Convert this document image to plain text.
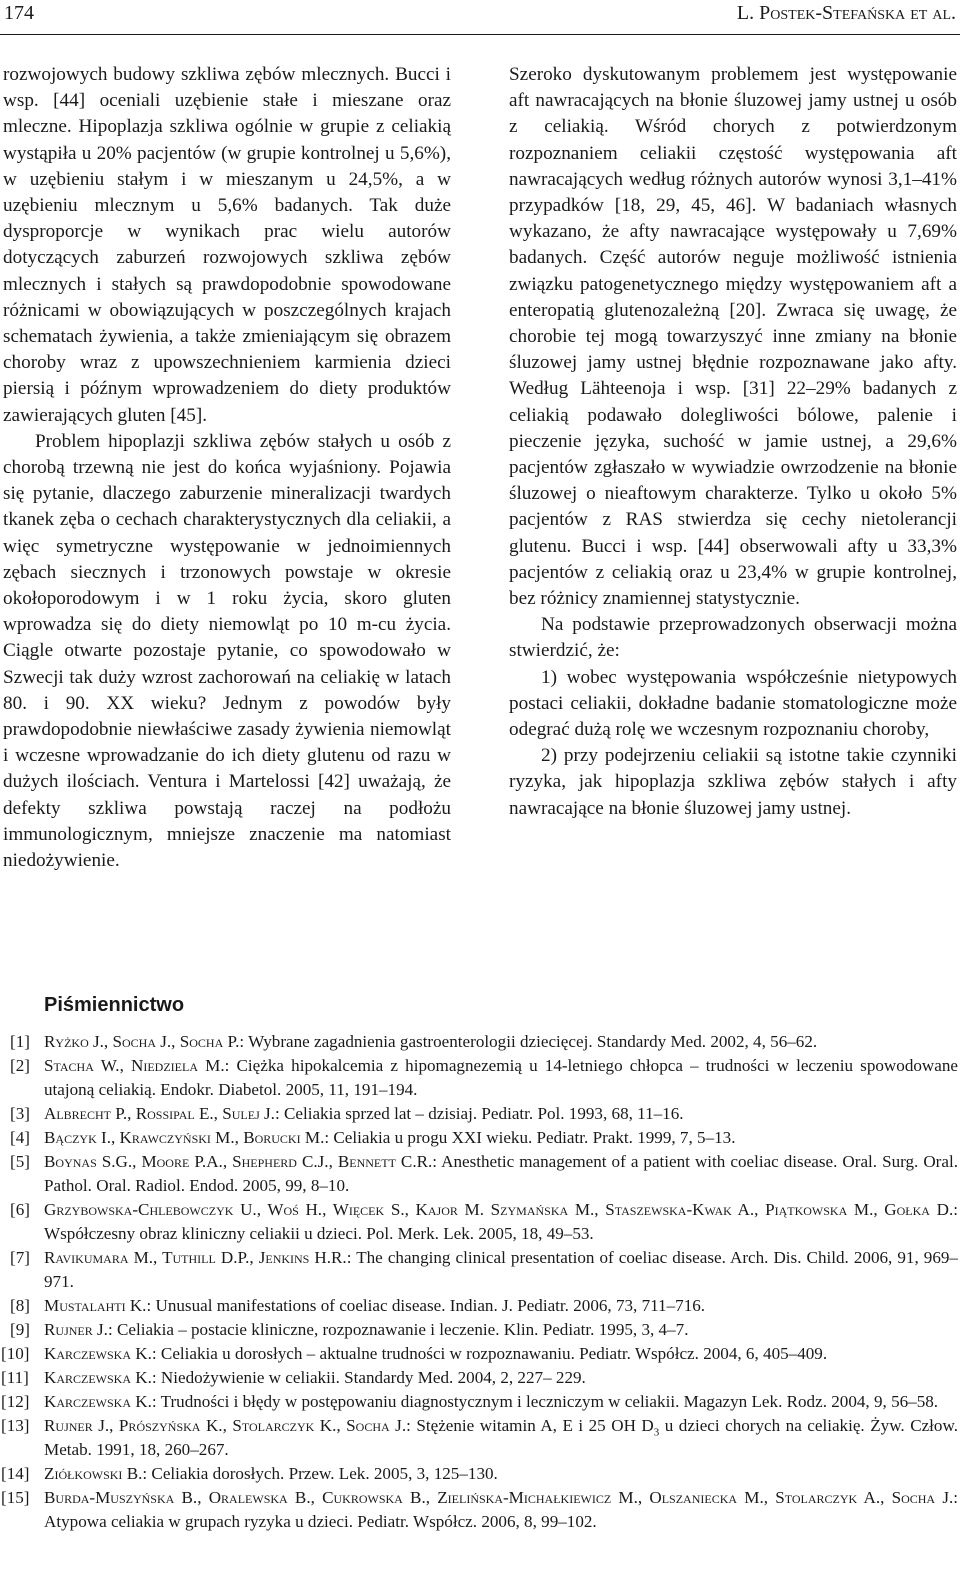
174	L. Postek-Stefańska et al.

rozwojowych budowy szkliwa zębów mlecznych. Bucci i wsp. [44] oceniali uzębienie stałe i mieszane oraz mleczne. Hipoplazja szkliwa ogólnie w grupie z celiakią wystąpiła u 20% pacjentów (w grupie kontrolnej u 5,6%), w uzębieniu stałym i w mieszanym u 24,5%, a w uzębieniu mlecznym u 5,6% badanych. Tak duże dysproporcje w wynikach prac wielu autorów dotyczących zaburzeń rozwojowych szkliwa zębów mlecznych i stałych są prawdopodobnie spowodowane różnicami w obowiązujących w poszczególnych krajach schematach żywienia, a także zmieniającym się obrazem choroby wraz z upowszechnieniem karmienia dzieci piersią i późnym wprowadzeniem do diety produktów zawierających gluten [45].

Problem hipoplazji szkliwa zębów stałych u osób z chorobą trzewną nie jest do końca wyjaśniony. Pojawia się pytanie, dlaczego zaburzenie mineralizacji twardych tkanek zęba o cechach charakterystycznych dla celiakii, a więc symetryczne występowanie w jednoimiennych zębach siecznych i trzonowych powstaje w okresie okołoporodowym i w 1 roku życia, skoro gluten wprowadza się do diety niemowląt po 10 m-cu życia. Ciągle otwarte pozostaje pytanie, co spowodowało w Szwecji tak duży wzrost zachorowań na celiakię w latach 80. i 90. XX wieku? Jednym z powodów były prawdopodobnie niewłaściwe zasady żywienia niemowląt i wczesne wprowadzanie do ich diety glutenu od razu w dużych ilościach. Ventura i Martelossi [42] uważają, że defekty szkliwa powstają raczej na podłożu immunologicznym, mniejsze znaczenie ma natomiast niedożywienie.

Szeroko dyskutowanym problemem jest występowanie aft nawracających na błonie śluzowej jamy ustnej u osób z celiakią. Wśród chorych z potwierdzonym rozpoznaniem celiakii częstość występowania aft nawracających według różnych autorów wynosi 3,1–41% przypadków [18, 29, 45, 46]. W badaniach własnych wykazano, że afty nawracające występowały u 7,69% badanych. Część autorów neguje możliwość istnienia związku patogenetycznego między występowaniem aft a enteropatią glutenozależną [20]. Zwraca się uwagę, że chorobie tej mogą towarzyszyć inne zmiany na błonie śluzowej jamy ustnej błędnie rozpoznawane jako afty. Według Lähteenoja i wsp. [31] 22–29% badanych z celiakią podawało dolegliwości bólowe, palenie i pieczenie języka, suchość w jamie ustnej, a 29,6% pacjentów zgłaszało w wywiadzie owrzodzenie na błonie śluzowej o nieaftowym charakterze. Tylko u około 5% pacjentów z RAS stwierdza się cechy nietolerancji glutenu. Bucci i wsp. [44] obserwowali afty u 33,3% pacjentów z celiakią oraz u 23,4% w grupie kontrolnej, bez różnicy znamiennej statystycznie.

Na podstawie przeprowadzonych obserwacji można stwierdzić, że:

1) wobec występowania współcześnie nietypowych postaci celiakii, dokładne badanie stomatologiczne może odegrać dużą rolę we wczesnym rozpoznaniu choroby,

2) przy podejrzeniu celiakii są istotne takie czynniki ryzyka, jak hipoplazja szkliwa zębów stałych i afty nawracające na błonie śluzowej jamy ustnej.

Piśmiennictwo
[1] Ryżko J., Socha J., Socha P.: Wybrane zagadnienia gastroenterologii dziecięcej. Standardy Med. 2002, 4, 56–62.
[2] Stacha W., Niedziela M.: Ciężka hipokalcemia z hipomagnezemią u 14-letniego chłopca – trudności w leczeniu spowodowane utajoną celiakią. Endokr. Diabetol. 2005, 11, 191–194.
[3] Albrecht P., Rossipal E., Sulej J.: Celiakia sprzed lat – dzisiaj. Pediatr. Pol. 1993, 68, 11–16.
[4] Bączyk I., Krawczyński M., Borucki M.: Celiakia u progu XXI wieku. Pediatr. Prakt. 1999, 7, 5–13.
[5] Boynas S.G., Moore P.A., Shepherd C.J., Bennett C.R.: Anesthetic management of a patient with coeliac disease. Oral. Surg. Oral. Pathol. Oral. Radiol. Endod. 2005, 99, 8–10.
[6] Grzybowska-Chlebowczyk U., Woś H., Więcek S., Kajor M. Szymańska M., Staszewska-Kwak A., Piątkowska M., Gołka D.: Współczesny obraz kliniczny celiakii u dzieci. Pol. Merk. Lek. 2005, 18, 49–53.
[7] Ravikumara M., Tuthill D.P., Jenkins H.R.: The changing clinical presentation of coeliac disease. Arch. Dis. Child. 2006, 91, 969–971.
[8] Mustalahti K.: Unusual manifestations of coeliac disease. Indian. J. Pediatr. 2006, 73, 711–716.
[9] Rujner J.: Celiakia – postacie kliniczne, rozpoznawanie i leczenie. Klin. Pediatr. 1995, 3, 4–7.
[10] Karczewska K.: Celiakia u dorosłych – aktualne trudności w rozpoznawaniu. Pediatr. Współcz. 2004, 6, 405–409.
[11] Karczewska K.: Niedożywienie w celiakii. Standardy Med. 2004, 2, 227– 229.
[12] Karczewska K.: Trudności i błędy w postępowaniu diagnostycznym i leczniczym w celiakii. Magazyn Lek. Rodz. 2004, 9, 56–58.
[13] Rujner J., Prószyńska K., Stolarczyk K., Socha J.: Stężenie witamin A, E i 25 OH $D_3$ u dzieci chorych na celiakię. Żyw. Człow. Metab. 1991, 18, 260–267.
[14] Ziółkowski B.: Celiakia dorosłych. Przew. Lek. 2005, 3, 125–130.
[15] Burda-Muszyńska B., Oralewska B., Cukrowska B., Zielińska-Michałkiewicz M., Olszaniecka M., Stolarczyk A., Socha J.: Atypowa celiakia w grupach ryzyka u dzieci. Pediatr. Współcz. 2006, 8, 99–102.
